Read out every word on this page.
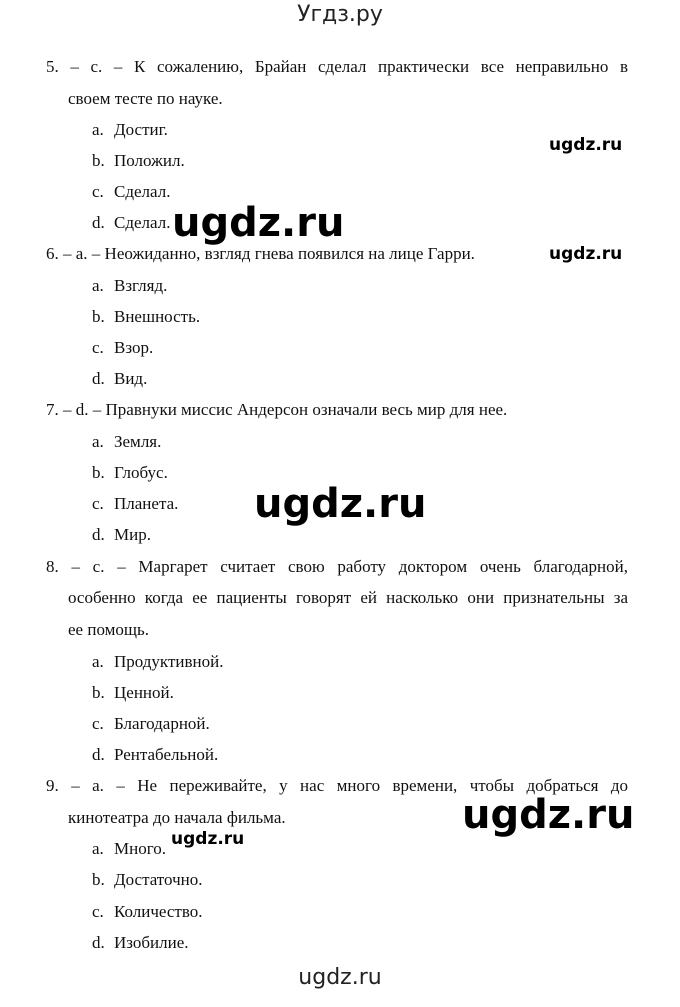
Угдз.ру
5. – c. – К сожалению, Брайан сделал практически все неправильно в
своем тесте по науке.
a. Достиг.
b. Положил.
c. Сделал.
d. Сделал.
6. – a. – Неожиданно, взгляд гнева появился на лице Гарри.
a. Взгляд.
b. Внешность.
c. Взор.
d. Вид.
7. – d. – Правнуки миссис Андерсон означали весь мир для нее.
a. Земля.
b. Глобус.
c. Планета.
d. Мир.
8. – c. – Маргарет считает свою работу доктором очень благодарной,
особенно когда ее пациенты говорят ей насколько они признательны за
ее помощь.
a. Продуктивной.
b. Ценной.
c. Благодарной.
d. Рентабельной.
9. – a. – Не переживайте, у нас много времени, чтобы добраться до
кинотеатра до начала фильма.
a. Много.
b. Достаточно.
c. Количество.
d. Изобилие.
ugdz.ru
ugdz.ru
ugdz.ru
ugdz.ru
ugdz.ru
ugdz.ru
ugdz.ru
